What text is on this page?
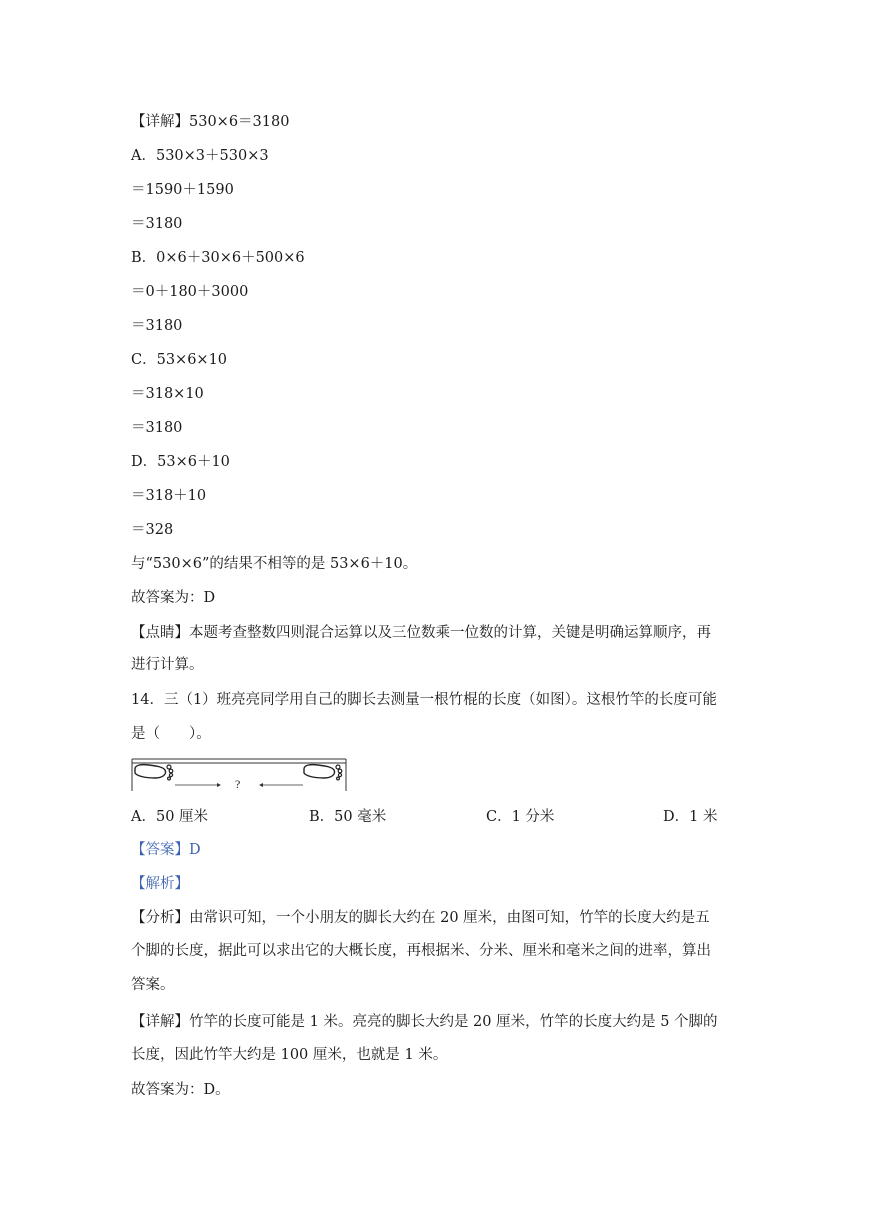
【详解】530×6＝3180
A．530×3＋530×3
＝1590＋1590
＝3180
B．0×6＋30×6＋500×6
＝0＋180＋3000
＝3180
C．53×6×10
＝318×10
＝3180
D．53×6＋10
＝318＋10
＝328
与“530×6”的结果不相等的是 53×6＋10。
故答案为：D
【点睛】本题考查整数四则混合运算以及三位数乘一位数的计算，关键是明确运算顺序，再
进行计算。
14．三（1）班亮亮同学用自己的脚长去测量一根竹棍的长度（如图）。这根竹竿的长度可能
是（　　）。
?
A．50 厘米	B．50 毫米	C．1 分米	D．1 米
【答案】D
【解析】
【分析】由常识可知，一个小朋友的脚长大约在 20 厘米，由图可知，竹竿的长度大约是五
个脚的长度，据此可以求出它的大概长度，再根据米、分米、厘米和毫米之间的进率，算出
答案。
【详解】竹竿的长度可能是 1 米。亮亮的脚长大约是 20 厘米，竹竿的长度大约是 5 个脚的
长度，因此竹竿大约是 100 厘米，也就是 1 米。
故答案为：D。
